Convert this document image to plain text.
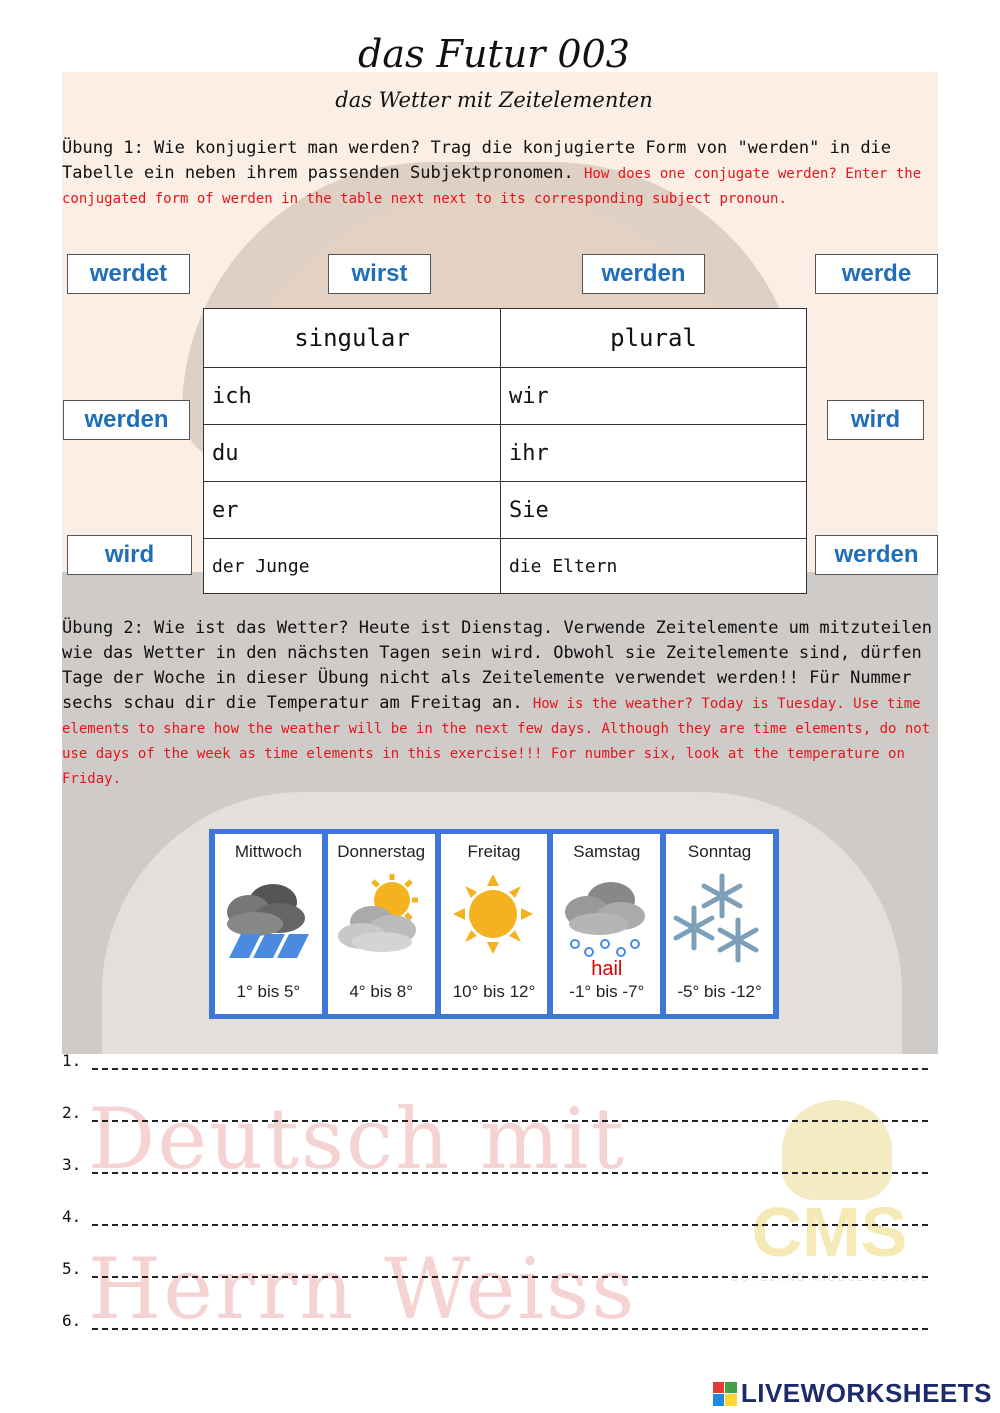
das Futur 003
das Wetter mit Zeitelementen
Übung 1: Wie konjugiert man werden? Trag die konjugierte Form von "werden" in die Tabelle ein neben ihrem passenden Subjektpronomen. How does one conjugate werden? Enter the conjugated form of werden in the table next next to its corresponding subject pronoun.
werdet	wirst	werden	werde
werden	wird
wird	werden
singular	plural
ich	wir
du	ihr
er	Sie
der Junge	die Eltern
Übung 2: Wie ist das Wetter? Heute ist Dienstag. Verwende Zeitelemente um mitzuteilen wie das Wetter in den nächsten Tagen sein wird. Obwohl sie Zeitelemente sind, dürfen Tage der Woche in dieser Übung nicht als Zeitelemente verwendet werden!! Für Nummer sechs schau dir die Temperatur am Freitag an. How is the weather? Today is Tuesday. Use time elements to share how the weather will be in the next few days. Although they are time elements, do not use days of the week as time elements in this exercise!!! For number six, look at the temperature on Friday.
Mittwoch
1° bis 5°
Donnerstag
4° bis 8°
Freitag
10° bis 12°
Samstag
hail
-1° bis -7°
Sonntag
-5° bis -12°
Deutsch mit
Herrn Weiss
CMS
COPELAND MIDDLE SCHOOL
1.
2.
3.
4.
5.
6.
LIVEWORKSHEETS
